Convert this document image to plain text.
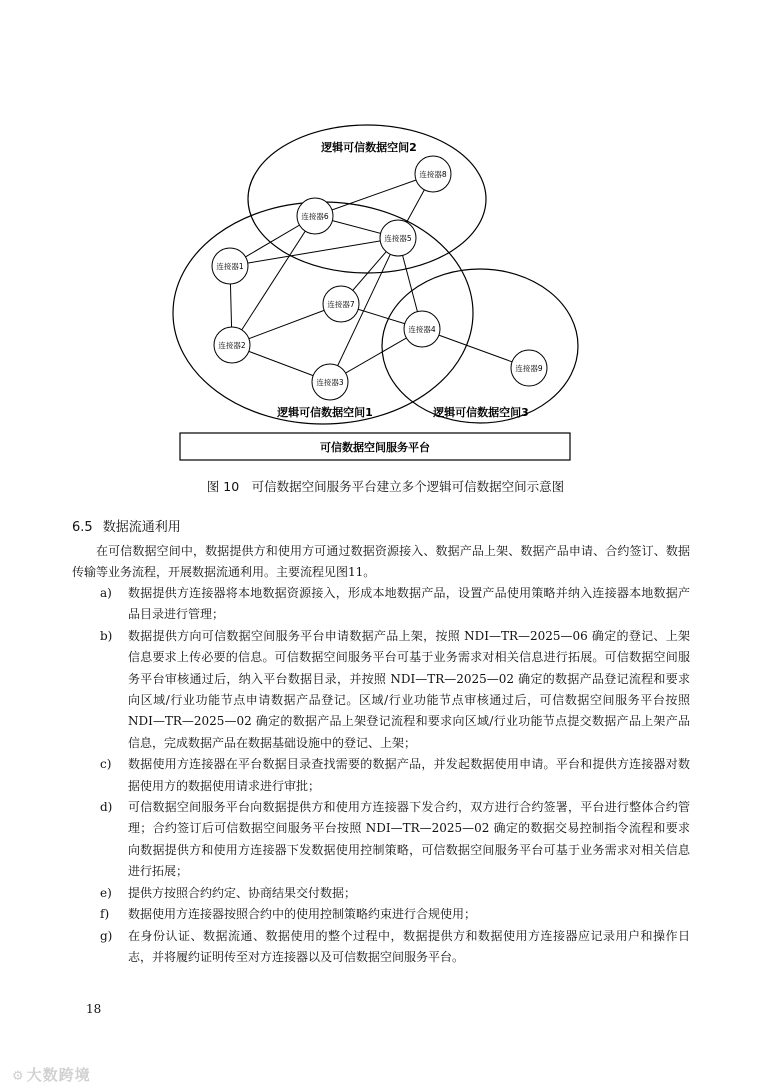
连接器1
连接器2
连接器3
连接器4
连接器5
连接器6
连接器7
连接器8
连接器9
逻辑可信数据空间2
逻辑可信数据空间1	逻辑可信数据空间3
可信数据空间服务平台
图 10　可信数据空间服务平台建立多个逻辑可信数据空间示意图
6.5 数据流通利用
在可信数据空间中，数据提供方和使用方可通过数据资源接入、数据产品上架、数据产品申请、合约签订、数据传输等业务流程，开展数据流通利用。主要流程见图11。
a) 数据提供方连接器将本地数据资源接入，形成本地数据产品，设置产品使用策略并纳入连接器本地数据产品目录进行管理；
b) 数据提供方向可信数据空间服务平台申请数据产品上架，按照 NDI—TR—2025—06 确定的登记、上架信息要求上传必要的信息。可信数据空间服务平台可基于业务需求对相关信息进行拓展。可信数据空间服务平台审核通过后，纳入平台数据目录，并按照 NDI—TR—2025—02 确定的数据产品登记流程和要求向区域/行业功能节点申请数据产品登记。区域/行业功能节点审核通过后，可信数据空间服务平台按照 NDI—TR—2025—02 确定的数据产品上架登记流程和要求向区域/行业功能节点提交数据产品上架产品信息，完成数据产品在数据基础设施中的登记、上架；
c) 数据使用方连接器在平台数据目录查找需要的数据产品，并发起数据使用申请。平台和提供方连接器对数据使用方的数据使用请求进行审批；
d) 可信数据空间服务平台向数据提供方和使用方连接器下发合约，双方进行合约签署，平台进行整体合约管理；合约签订后可信数据空间服务平台按照 NDI—TR—2025—02 确定的数据交易控制指令流程和要求向数据提供方和使用方连接器下发数据使用控制策略，可信数据空间服务平台可基于业务需求对相关信息进行拓展；
e) 提供方按照合约约定、协商结果交付数据；
f) 数据使用方连接器按照合约中的使用控制策略约束进行合规使用；
g) 在身份认证、数据流通、数据使用的整个过程中，数据提供方和数据使用方连接器应记录用户和操作日志，并将履约证明传至对方连接器以及可信数据空间服务平台。
18
⚙ 大数跨境
